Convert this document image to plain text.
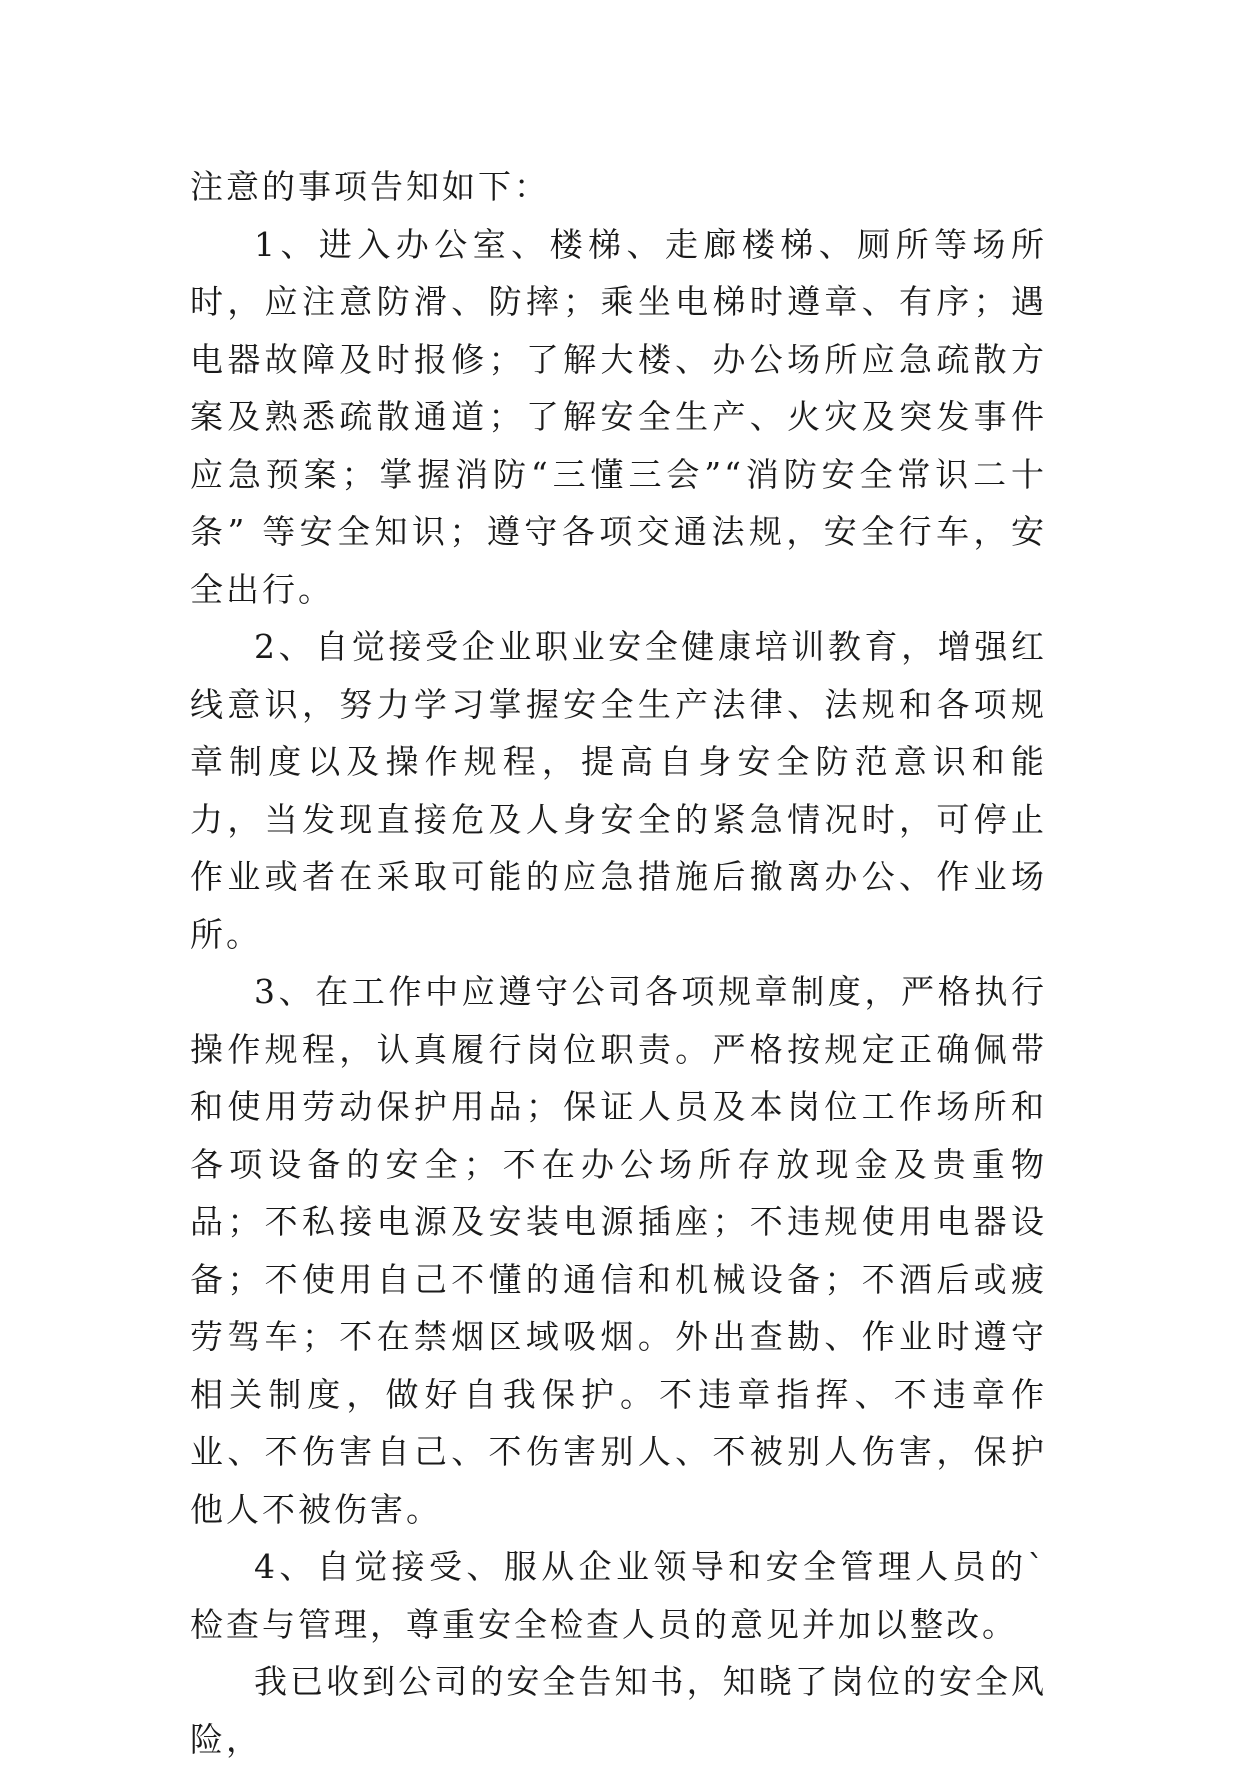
注意的事项告知如下：

1、进入办公室、楼梯、走廊楼梯、厕所等场所时，应注意防滑、防摔；乘坐电梯时遵章、有序；遇电器故障及时报修；了解大楼、办公场所应急疏散方案及熟悉疏散通道；了解安全生产、火灾及突发事件应急预案；掌握消防“三懂三会”“消防安全常识二十条” 等安全知识；遵守各项交通法规，安全行车，安全出行。

2、自觉接受企业职业安全健康培训教育，增强红线意识，努力学习掌握安全生产法律、法规和各项规章制度以及操作规程，提高自身安全防范意识和能力，当发现直接危及人身安全的紧急情况时，可停止作业或者在采取可能的应急措施后撤离办公、作业场所。

3、在工作中应遵守公司各项规章制度，严格执行操作规程，认真履行岗位职责。严格按规定正确佩带和使用劳动保护用品；保证人员及本岗位工作场所和各项设备的安全；不在办公场所存放现金及贵重物品；不私接电源及安装电源插座；不违规使用电器设备；不使用自己不懂的通信和机械设备；不酒后或疲劳驾车；不在禁烟区域吸烟。外出查勘、作业时遵守相关制度，做好自我保护。不违章指挥、不违章作业、不伤害自己、不伤害别人、不被别人伤害，保护他人不被伤害。

4、自觉接受、服从企业领导和安全管理人员的`检查与管理，尊重安全检查人员的意见并加以整改。

我已收到公司的安全告知书，知晓了岗位的安全风险，
